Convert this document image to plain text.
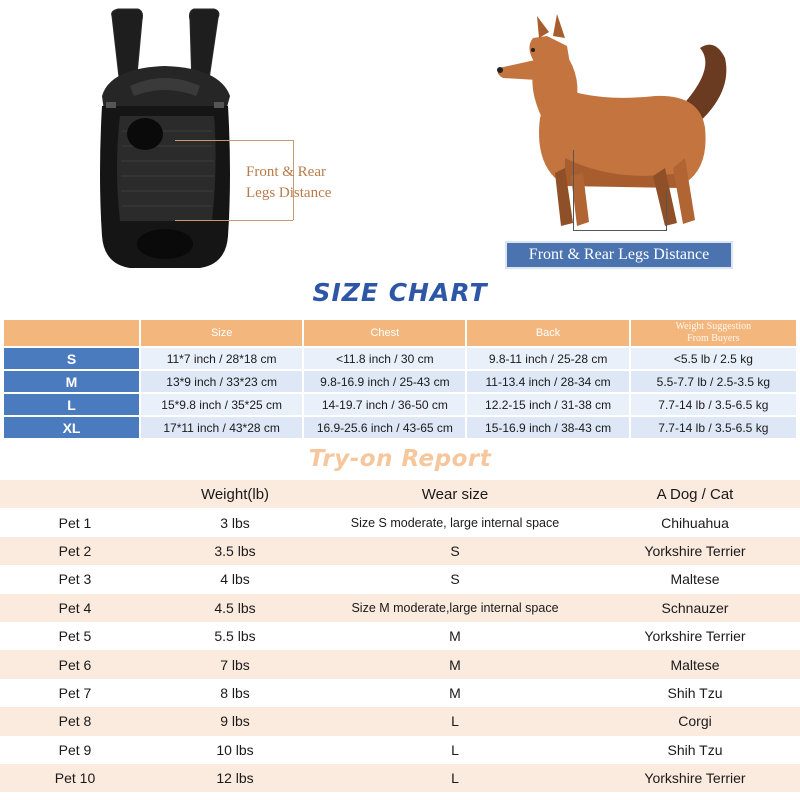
Front & Rear
Legs Distance
Front & Rear Legs Distance
SIZE CHART
	Size	Chest	Back	Weight Suggestion
From Buyers

S	11*7 inch / 28*18 cm	<11.8 inch / 30 cm	9.8-11 inch / 25-28 cm	<5.5 lb / 2.5 kg
M	13*9 inch / 33*23 cm	9.8-16.9 inch / 25-43 cm	11-13.4 inch / 28-34 cm	5.5-7.7 lb / 2.5-3.5 kg
L	15*9.8 inch / 35*25 cm	14-19.7 inch / 36-50 cm	12.2-15 inch / 31-38 cm	7.7-14 lb / 3.5-6.5 kg
XL	17*11 inch / 43*28 cm	16.9-25.6 inch / 43-65 cm	15-16.9 inch / 38-43 cm	7.7-14 lb / 3.5-6.5 kg
Try-on Report
	Weight(lb)	Wear size	A Dog / Cat
Pet 1	3 lbs	Size S moderate, large internal space	Chihuahua
Pet 2	3.5 lbs	S	Yorkshire Terrier
Pet 3	4 lbs	S	Maltese
Pet 4	4.5 lbs	Size M moderate,large internal space	Schnauzer
Pet 5	5.5 lbs	M	Yorkshire Terrier
Pet 6	7 lbs	M	Maltese
Pet 7	8 lbs	M	Shih Tzu
Pet 8	9 lbs	L	Corgi
Pet 9	10 lbs	L	Shih Tzu
Pet 10	12 lbs	L	Yorkshire Terrier
